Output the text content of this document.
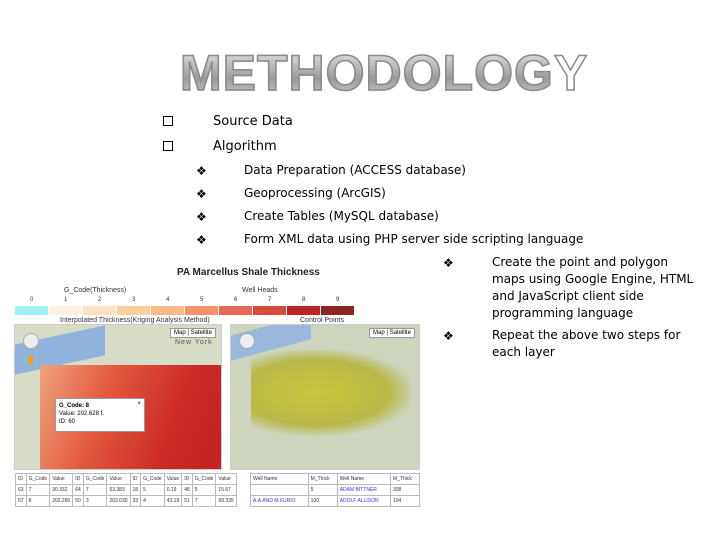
METHODOLOGY
Source Data
Algorithm
❖	Data Preparation (ACCESS database)
❖	Geoprocessing (ArcGIS)
❖	Create Tables (MySQL database)
❖	Form XML data using PHP server side scripting language
❖	Create the point and polygon maps using Google Engine, HTML and JavaScript client side programming language
❖	Repeat the above two steps for each layer
PA Marcellus Shale Thickness
G_Code(Thickness)	Well Heads
0	1	2	3	4	5	6	7	8	9
Interpolated Thickness(Kriging Analysis Method)	Control Points
Map | Satellite
New York
G_Code: 8
Value: 202.628 f.
ID: 60
×
Map | Satellite
ID	G_Code	Value	ID	G_Code	Value	ID	G_Code	Value	ID	G_Code	Value
63	7	30.332	64	7	53.383	18	5	0.19	48	5	15.57
57	8	202.280	50	3	203.030	33	4	43.19	51	7	99.335
Well Name	M_Thick	Well Name	M_Thick
	5	ADAM BITTNER	338
A.A.AND M.FURIO	100	ADOLF ALLISON	104
